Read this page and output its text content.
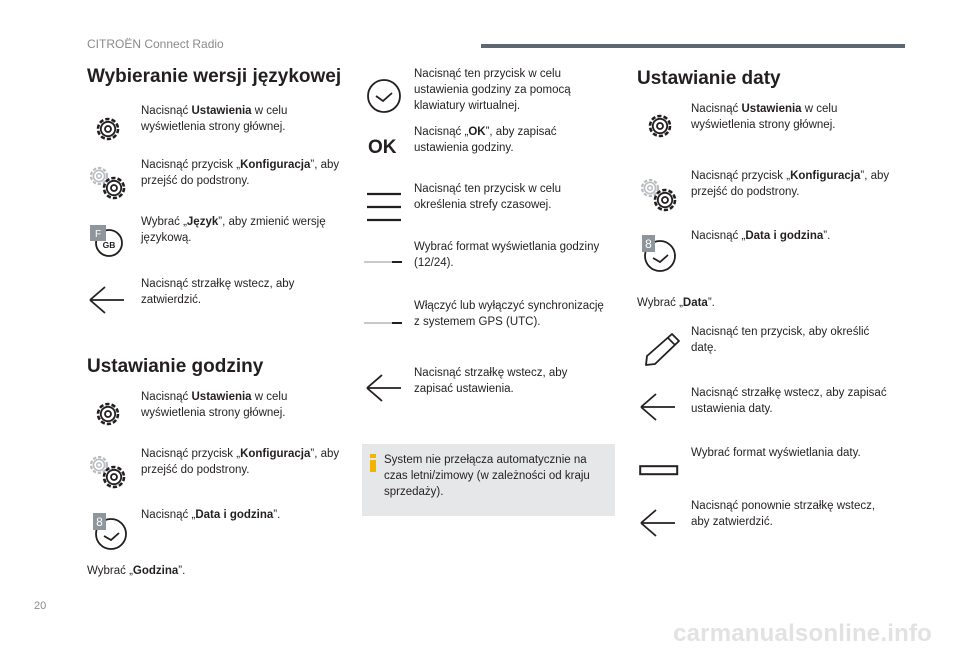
CITROËN Connect Radio
Wybieranie wersji językowej
Nacisnąć Ustawienia w celu wyświetlenia strony głównej.
Nacisnąć przycisk „Konfiguracja”, aby przejść do podstrony.
F
GB
Wybrać „Język”, aby zmienić wersję językową.
Nacisnąć strzałkę wstecz, aby zatwierdzić.
Ustawianie godziny
Nacisnąć Ustawienia w celu wyświetlenia strony głównej.
Nacisnąć przycisk „Konfiguracja”, aby przejść do podstrony.
8	Nacisnąć „Data i godzina”.
Wybrać „Godzina”.
Nacisnąć ten przycisk w celu ustawienia godziny za pomocą klawiatury wirtualnej.
OK
Nacisnąć „OK”, aby zapisać ustawienia godziny.
Nacisnąć ten przycisk w celu określenia strefy czasowej.
Wybrać format wyświetlania godziny (12/24).
Włączyć lub wyłączyć synchronizację z systemem GPS (UTC).
Nacisnąć strzałkę wstecz, aby zapisać ustawienia.
System nie przełącza automatycznie na czas letni/zimowy (w zależności od kraju sprzedaży).
Ustawianie daty
Nacisnąć Ustawienia w celu wyświetlenia strony głównej.
Nacisnąć przycisk „Konfiguracja”, aby przejść do podstrony.
8
Nacisnąć „Data i godzina”.
Wybrać „Data”.
Nacisnąć ten przycisk, aby określić datę.
Nacisnąć strzałkę wstecz, aby zapisać ustawienia daty.
Wybrać format wyświetlania daty.
Nacisnąć ponownie strzałkę wstecz, aby zatwierdzić.
20
carmanualsonline.info
